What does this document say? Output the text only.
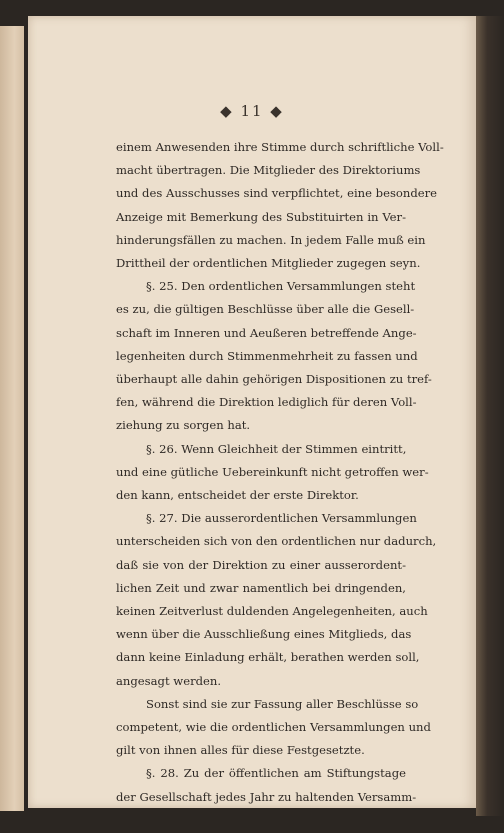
◆ 11 ◆
einem Anwesenden ihre Stimme durch schriftliche Voll-
macht übertragen. Die Mitglieder des Direktoriums
und des Ausschusses sind verpflichtet, eine besondere
Anzeige mit Bemerkung des Substituirten in Ver-
hinderungsfällen zu machen. In jedem Falle muß ein
Drittheil der ordentlichen Mitglieder zugegen seyn.
§. 25. Den ordentlichen Versammlungen steht
es zu, die gültigen Beschlüsse über alle die Gesell-
schaft im Inneren und Aeußeren betreffende Ange-
legenheiten durch Stimmenmehrheit zu fassen und
überhaupt alle dahin gehörigen Dispositionen zu tref-
fen, während die Direktion lediglich für deren Voll-
ziehung zu sorgen hat.
§. 26. Wenn Gleichheit der Stimmen eintritt,
und eine gütliche Uebereinkunft nicht getroffen wer-
den kann, entscheidet der erste Direktor.
§. 27. Die ausserordentlichen Versammlungen
unterscheiden sich von den ordentlichen nur dadurch,
daß sie von der Direktion zu einer ausserordent-
lichen Zeit und zwar namentlich bei dringenden,
keinen Zeitverlust duldenden Angelegenheiten, auch
wenn über die Ausschließung eines Mitglieds, das
dann keine Einladung erhält, berathen werden soll,
angesagt werden.
Sonst sind sie zur Fassung aller Beschlüsse so
competent, wie die ordentlichen Versammlungen und
gilt von ihnen alles für diese Festgesetzte.
§. 28. Zu der öffentlichen am Stiftungstage
der Gesellschaft jedes Jahr zu haltenden Versamm-
